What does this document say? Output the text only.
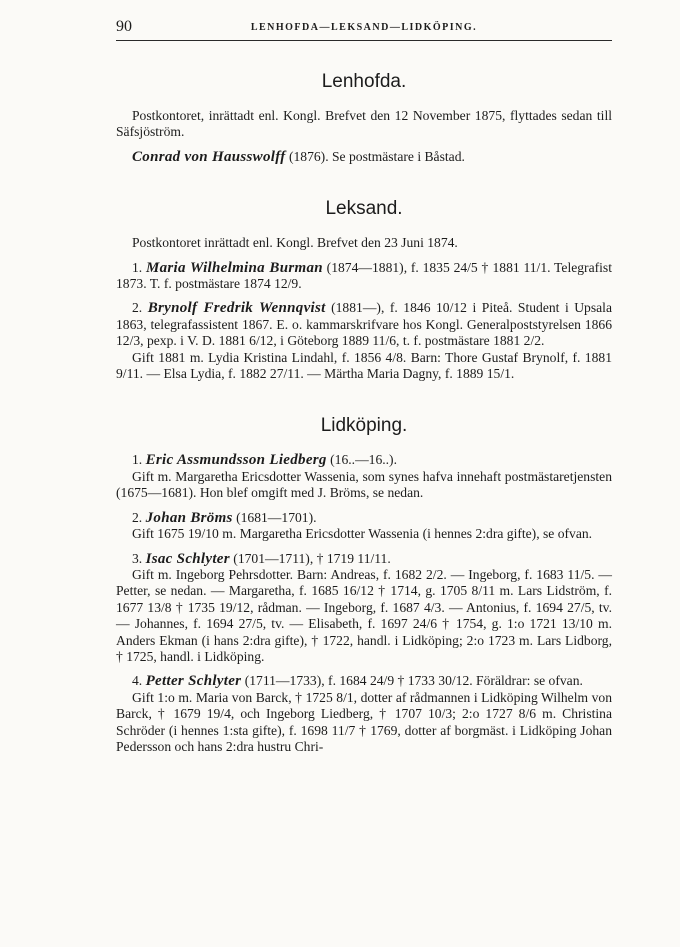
90	LENHOFDA—LEKSAND—LIDKÖPING.
Lenhofda.

Postkontoret, inrättadt enl. Kongl. Brefvet den 12 November 1875, flyttades sedan till Säfsjöström.

Conrad von Hausswolff (1876). Se postmästare i Båstad.

Leksand.

Postkontoret inrättadt enl. Kongl. Brefvet den 23 Juni 1874.

1. Maria Wilhelmina Burman (1874—1881), f. 1835 24/5 † 1881 11/1. Telegrafist 1873. T. f. postmästare 1874 12/9.

2. Brynolf Fredrik Wennqvist (1881—), f. 1846 10/12 i Piteå. Student i Upsala 1863, telegrafassistent 1867. E. o. kammarskrifvare hos Kongl. Generalpoststyrelsen 1866 12/3, pexp. i V. D. 1881 6/12, i Göteborg 1889 11/6, t. f. postmästare 1881 2/2.

Gift 1881 m. Lydia Kristina Lindahl, f. 1856 4/8. Barn: Thore Gustaf Brynolf, f. 1881 9/11. — Elsa Lydia, f. 1882 27/11. — Märtha Maria Dagny, f. 1889 15/1.

Lidköping.

1. Eric Assmundsson Liedberg (16..—16..).

Gift m. Margaretha Ericsdotter Wassenia, som synes hafva innehaft postmästaretjensten (1675—1681). Hon blef omgift med J. Bröms, se nedan.

2. Johan Bröms (1681—1701).

Gift 1675 19/10 m. Margaretha Ericsdotter Wassenia (i hennes 2:dra gifte), se ofvan.

3. Isac Schlyter (1701—1711), † 1719 11/11.

Gift m. Ingeborg Pehrsdotter. Barn: Andreas, f. 1682 2/2. — Ingeborg, f. 1683 11/5. — Petter, se nedan. — Margaretha, f. 1685 16/12 † 1714, g. 1705 8/11 m. Lars Lidström, f. 1677 13/8 † 1735 19/12, rådman. — Ingeborg, f. 1687 4/3. — Antonius, f. 1694 27/5, tv. — Johannes, f. 1694 27/5, tv. — Elisabeth, f. 1697 24/6 † 1754, g. 1:o 1721 13/10 m. Anders Ekman (i hans 2:dra gifte), † 1722, handl. i Lidköping; 2:o 1723 m. Lars Lidborg, † 1725, handl. i Lidköping.

4. Petter Schlyter (1711—1733), f. 1684 24/9 † 1733 30/12. Föräldrar: se ofvan.

Gift 1:o m. Maria von Barck, † 1725 8/1, dotter af rådmannen i Lidköping Wilhelm von Barck, † 1679 19/4, och Ingeborg Liedberg, † 1707 10/3; 2:o 1727 8/6 m. Christina Schröder (i hennes 1:sta gifte), f. 1698 11/7 † 1769, dotter af borgmäst. i Lidköping Johan Pedersson och hans 2:dra hustru Chri-
